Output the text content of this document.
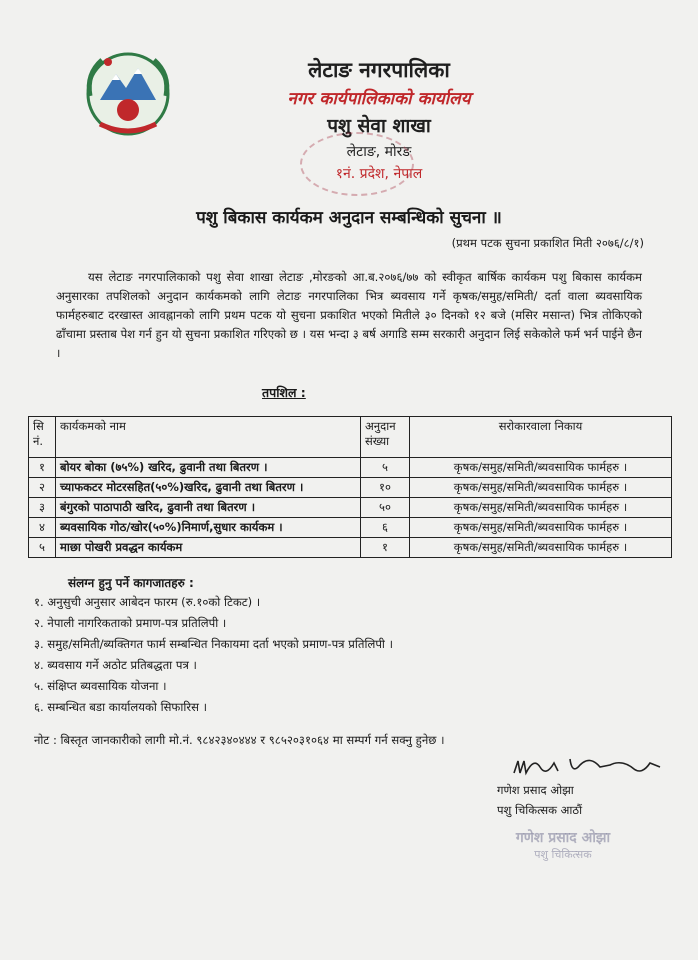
लेटाङ नगरपालिका
नगर कार्यपालिकाको कार्यालय
पशु सेवा शाखा
लेटाङ, मोरङ
१नं. प्रदेश, नेपाल
पशु बिकास कार्यकम अनुदान सम्बन्धिको सुचना ॥
(प्रथम पटक सुचना प्रकाशित मिती २०७६/८/१)
यस लेटाङ नगरपालिकाको पशु सेवा शाखा लेटाङ ,मोरङको आ.ब.२०७६/७७ को स्वीकृत बार्षिक कार्यकम पशु बिकास कार्यकम अनुसारका तपशिलको अनुदान कार्यकमको लागि लेटाङ नगरपालिका भित्र ब्यवसाय गर्ने कृषक/समुह/समिती/ दर्ता वाला ब्यवसायिक फार्महरुबाट दरखास्त आवह्नानको लागि प्रथम पटक यो सुचना प्रकाशित भएको मितीले ३० दिनको १२ बजे (मसिर मसान्त) भित्र तोकिएको ढाँचामा प्रस्ताब पेश गर्न हुन यो सुचना प्रकाशित गरिएको छ । यस भन्दा ३ बर्ष अगाडि सम्म सरकारी अनुदान लिई सकेकोले फर्म भर्न पाईने छैन ।
तपशिल :
सि नं.	कार्यकमको नाम	अनुदान संख्या	सरोकारवाला निकाय
१	बोयर बोका (७५%) खरिद, ढुवानी तथा बितरण ।	५	कृषक/समुह/समिती/ब्यवसायिक फार्महरु ।
२	च्याफकटर मोटरसहित(५०%)खरिद, ढुवानी तथा बितरण ।	१०	कृषक/समुह/समिती/ब्यवसायिक फार्महरु ।
३	बंगुरको पाठापाठी खरिद, ढुवानी तथा बितरण ।	५०	कृषक/समुह/समिती/ब्यवसायिक फार्महरु ।
४	ब्यवसायिक गोठ/खोर(५०%)निमार्ण,सुधार कार्यकम ।	६	कृषक/समुह/समिती/ब्यवसायिक फार्महरु ।
५	माछा पोखरी प्रवद्धन कार्यकम	१	कृषक/समुह/समिती/ब्यवसायिक फार्महरु ।
संलग्न हुनु पर्ने कागजातहरु :
१. अनुसुची अनुसार आबेदन फारम (रु.१०को टिकट) ।
२. नेपाली नागरिकताको प्रमाण-पत्र प्रतिलिपी ।
३. समुह/समिती/ब्यक्तिगत फार्म सम्बन्धित निकायमा दर्ता भएको प्रमाण-पत्र प्रतिलिपी ।
४. ब्यवसाय गर्ने अठोट प्रतिबद्धता पत्र ।
५. संक्षिप्त ब्यवसायिक योजना ।
६. सम्बन्धित बडा कार्यालयको सिफारिस ।
नोट : बिस्तृत जानकारीको लागी मो.नं. ९८४२३४०४४४ र ९८५२०३१०६४ मा सम्पर्ग गर्न सक्नु हुनेछ ।
गणेश प्रसाद ओझा
पशु चिकित्सक आठौं
गणेश प्रसाद ओझा
पशु चिकित्सक
